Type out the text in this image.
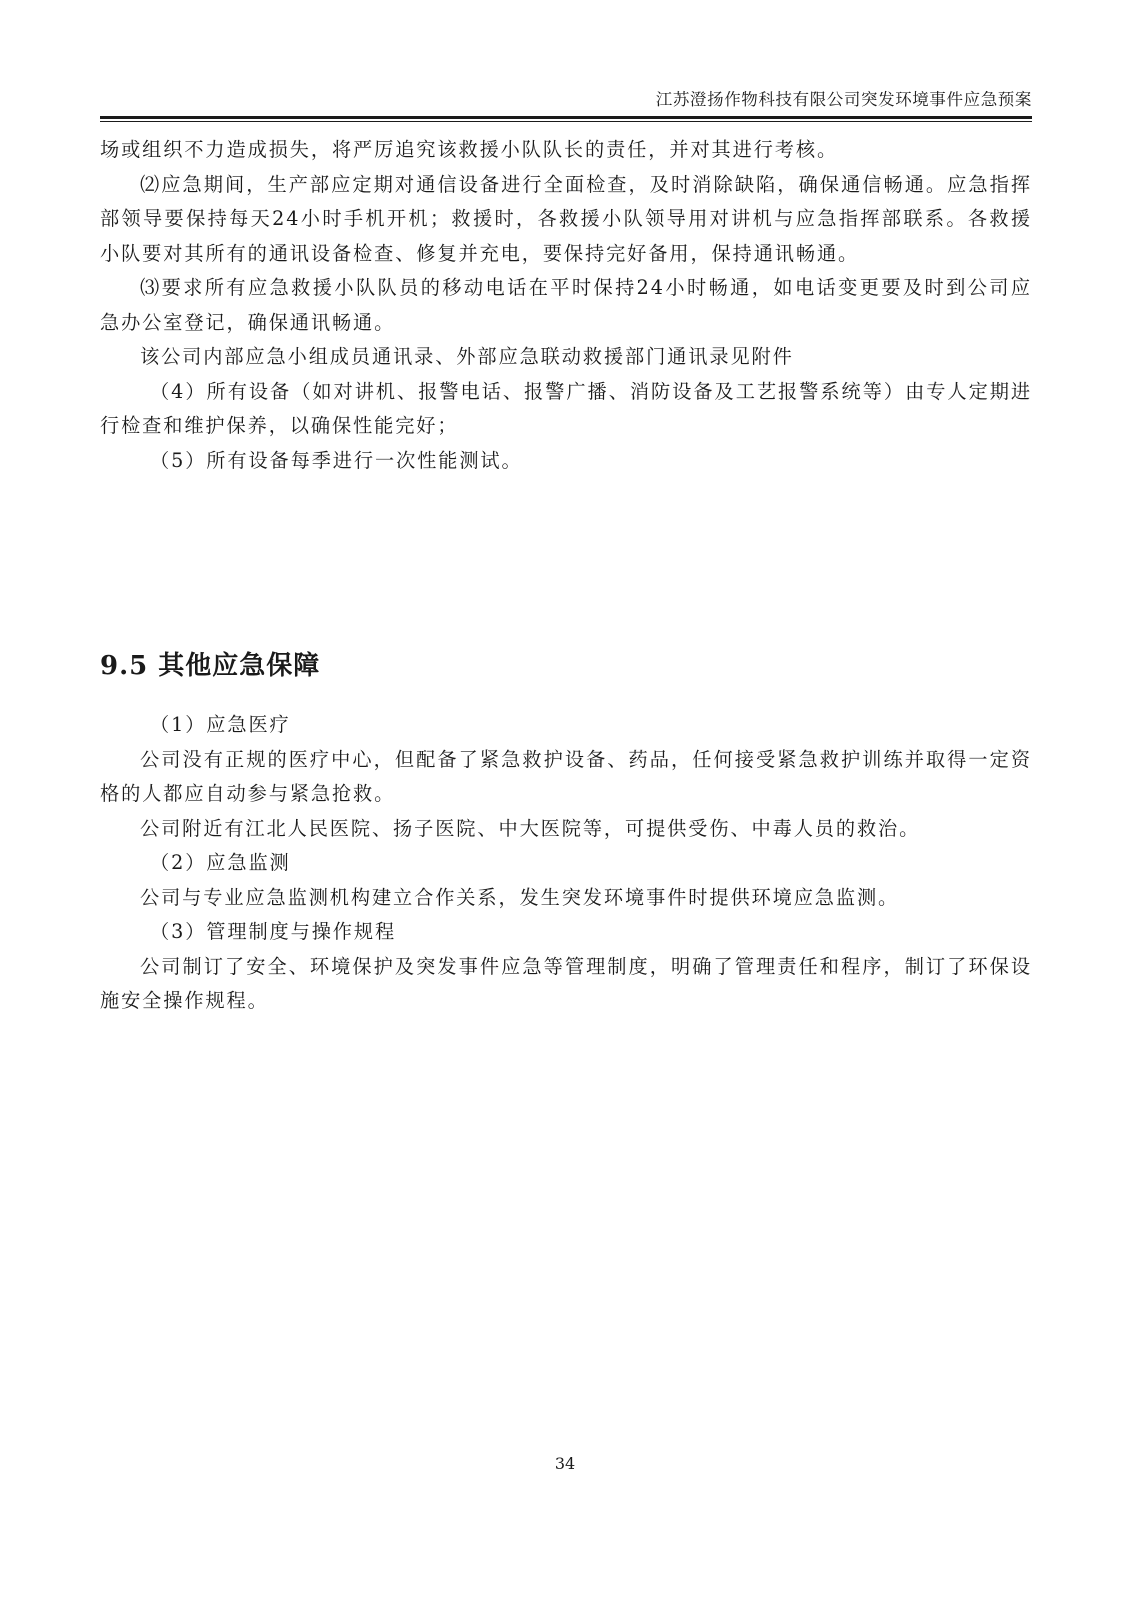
江苏澄扬作物科技有限公司突发环境事件应急预案

场或组织不力造成损失，将严厉追究该救援小队队长的责任，并对其进行考核。

⑵应急期间，生产部应定期对通信设备进行全面检查，及时消除缺陷，确保通信畅通。应急指挥部领导要保持每天24小时手机开机；救援时，各救援小队领导用对讲机与应急指挥部联系。各救援小队要对其所有的通讯设备检查、修复并充电，要保持完好备用，保持通讯畅通。

⑶要求所有应急救援小队队员的移动电话在平时保持24小时畅通，如电话变更要及时到公司应急办公室登记，确保通讯畅通。

该公司内部应急小组成员通讯录、外部应急联动救援部门通讯录见附件

（4）所有设备（如对讲机、报警电话、报警广播、消防设备及工艺报警系统等）由专人定期进行检查和维护保养，以确保性能完好；

（5）所有设备每季进行一次性能测试。

9.5 其他应急保障

（1）应急医疗

公司没有正规的医疗中心，但配备了紧急救护设备、药品，任何接受紧急救护训练并取得一定资格的人都应自动参与紧急抢救。

公司附近有江北人民医院、扬子医院、中大医院等，可提供受伤、中毒人员的救治。

（2）应急监测

公司与专业应急监测机构建立合作关系，发生突发环境事件时提供环境应急监测。

（3）管理制度与操作规程

公司制订了安全、环境保护及突发事件应急等管理制度，明确了管理责任和程序，制订了环保设施安全操作规程。

34
